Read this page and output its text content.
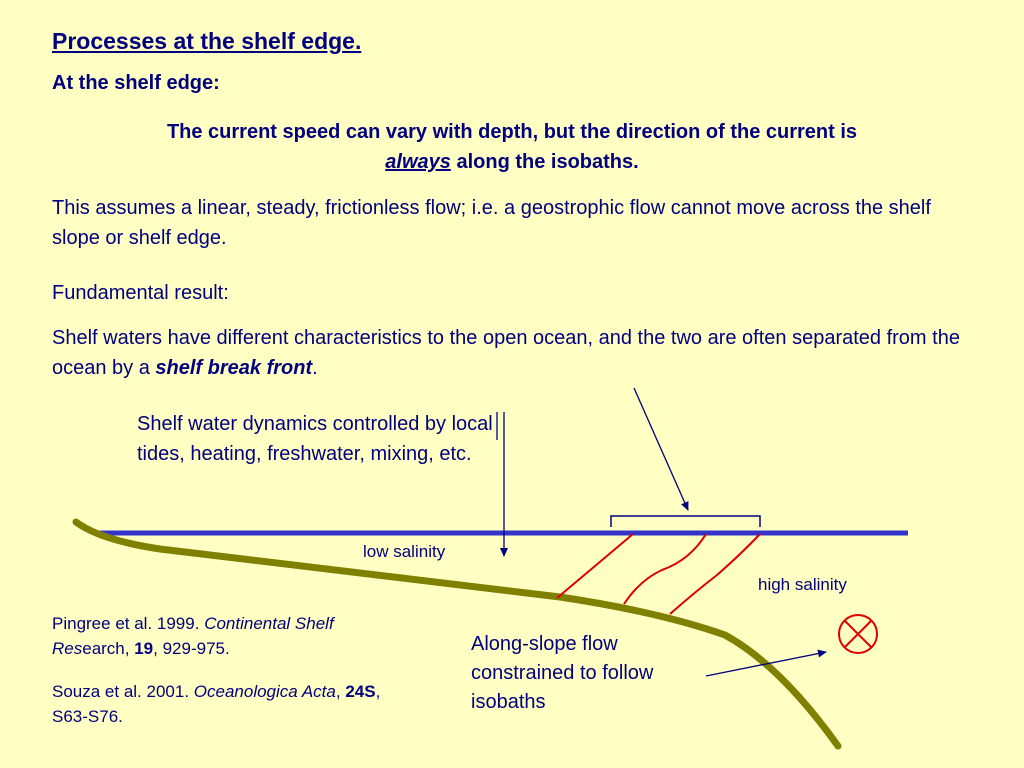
Processes at the shelf edge.
At the shelf edge:
The current speed can vary with depth, but the direction of the current is
always along the isobaths.
This assumes a linear, steady, frictionless flow; i.e. a geostrophic flow cannot move across the shelf slope or shelf edge.
Fundamental result:
Shelf waters have different characteristics to the open ocean, and the two are often separated from the ocean by a shelf break front.
Shelf water dynamics controlled by local tides, heating, freshwater, mixing, etc.
low salinity
high salinity
Along-slope flow constrained to follow isobaths
Pingree et al. 1999. Continental Shelf Research, 19, 929-975.
Souza et al. 2001. Oceanologica Acta, 24S, S63-S76.
